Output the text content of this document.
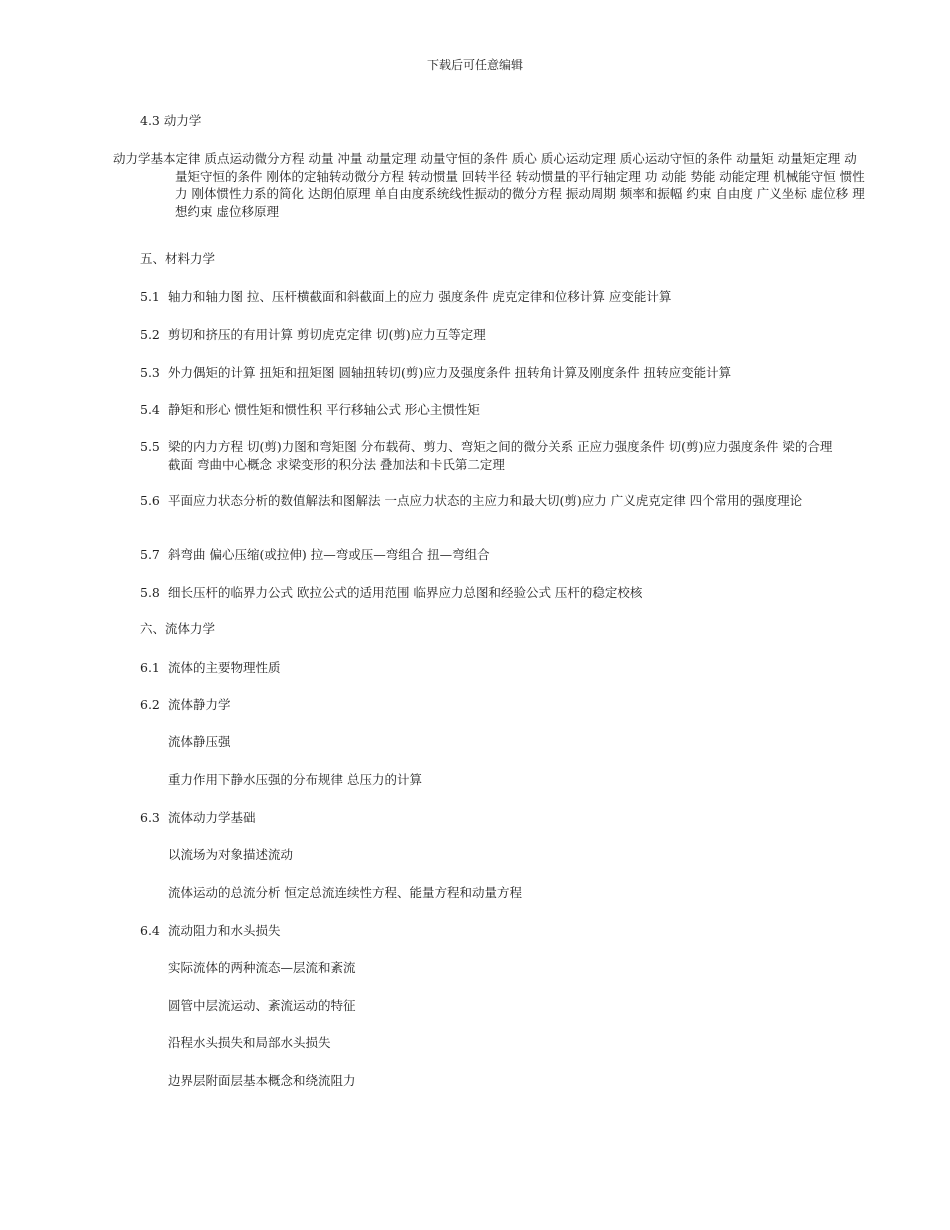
下载后可任意编辑
4.3 动力学
动力学基本定律 质点运动微分方程 动量 冲量 动量定理 动量守恒的条件 质心 质心运动定理 质心运动守恒的条件 动量矩 动量矩定理 动量矩守恒的条件 刚体的定轴转动微分方程 转动惯量 回转半径 转动惯量的平行轴定理 功 动能 势能 动能定理 机械能守恒 惯性力 刚体惯性力系的简化 达朗伯原理 单自由度系统线性振动的微分方程 振动周期 频率和振幅 约束 自由度 广义坐标 虚位移 理想约束 虚位移原理
五、材料力学
5.1 轴力和轴力图 拉、压杆横截面和斜截面上的应力 强度条件 虎克定律和位移计算 应变能计算
5.2 剪切和挤压的有用计算 剪切虎克定律 切(剪)应力互等定理
5.3 外力偶矩的计算 扭矩和扭矩图 圆轴扭转切(剪)应力及强度条件 扭转角计算及刚度条件 扭转应变能计算
5.4 静矩和形心 惯性矩和惯性积 平行移轴公式 形心主惯性矩
5.5 梁的内力方程 切(剪)力图和弯矩图 分布载荷、剪力、弯矩之间的微分关系 正应力强度条件 切(剪)应力强度条件 梁的合理截面 弯曲中心概念 求梁变形的积分法 叠加法和卡氏第二定理
5.6 平面应力状态分析的数值解法和图解法 一点应力状态的主应力和最大切(剪)应力 广义虎克定律 四个常用的强度理论
5.7 斜弯曲 偏心压缩(或拉伸) 拉—弯或压—弯组合 扭—弯组合
5.8 细长压杆的临界力公式 欧拉公式的适用范围 临界应力总图和经验公式 压杆的稳定校核
六、流体力学
6.1 流体的主要物理性质
6.2 流体静力学
流体静压强
重力作用下静水压强的分布规律 总压力的计算
6.3 流体动力学基础
以流场为对象描述流动
流体运动的总流分析 恒定总流连续性方程、能量方程和动量方程
6.4 流动阻力和水头损失
实际流体的两种流态—层流和紊流
圆管中层流运动、紊流运动的特征
沿程水头损失和局部水头损失
边界层附面层基本概念和绕流阻力
